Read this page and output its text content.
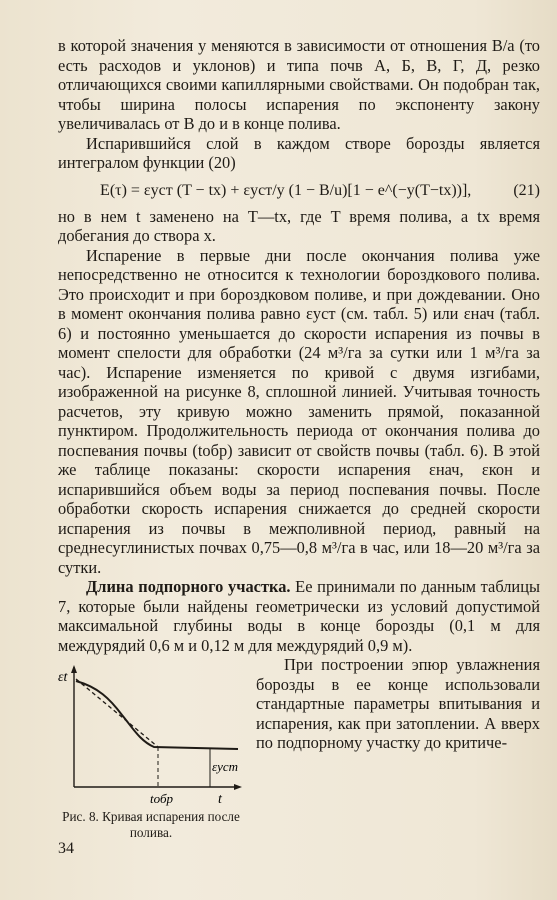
в которой значения y меняются в зависимости от отношения В/а (то есть расходов и уклонов) и типа почв А, Б, В, Г, Д, резко отличающихся своими капиллярными свойствами. Он подобран так, чтобы ширина полосы испарения по экспоненту закону увеличивалась от В до и в конце полива.

Испарившийся слой в каждом створе борозды является интегралом функции (20)

E(τ) = εуст (T − tx) + εуст/y (1 − В/u)[1 − e^(−y(T−tx))],	(21)

но в нем t заменено на T—tx, где T время полива, а tx время добегания до створа x.

Испарение в первые дни после окончания полива уже непосредственно не относится к технологии бороздкового полива. Это происходит и при бороздковом поливе, и при дождевании. Оно в момент окончания полива равно εуст (см. табл. 5) или εнач (табл. 6) и постоянно уменьшается до скорости испарения из почвы в момент спелости для обработки (24 м³/га за сутки или 1 м³/га за час). Испарение изменяется по кривой с двумя изгибами, изображенной на рисунке 8, сплошной линией. Учитывая точность расчетов, эту кривую можно заменить прямой, показанной пунктиром. Продолжительность периода от окончания полива до поспевания почвы (tобр) зависит от свойств почвы (табл. 6). В этой же таблице показаны: скорости испарения εнач, εкон и испарившийся объем воды за период поспевания почвы. После обработки скорость испарения снижается до средней скорости испарения из почвы в межполивной период, равный на среднесуглинистых почвах 0,75—0,8 м³/га в час, или 18—20 м³/га за сутки.

Длина подпорного участка. Ее принимали по данным таблицы 7, которые были найдены геометрически из условий допустимой максимальной глубины воды в конце борозды (0,1 м для междурядий 0,6 м и 0,12 м для междурядий 0,9 м).

εt
εуст
tобр	t
Рис. 8. Кривая испарения после полива.

При построении эпюр увлажнения борозды в ее конце использовали стандартные параметры впитывания и испарения, как при затоплении. А вверх по подпорному участку до критиче-

34
